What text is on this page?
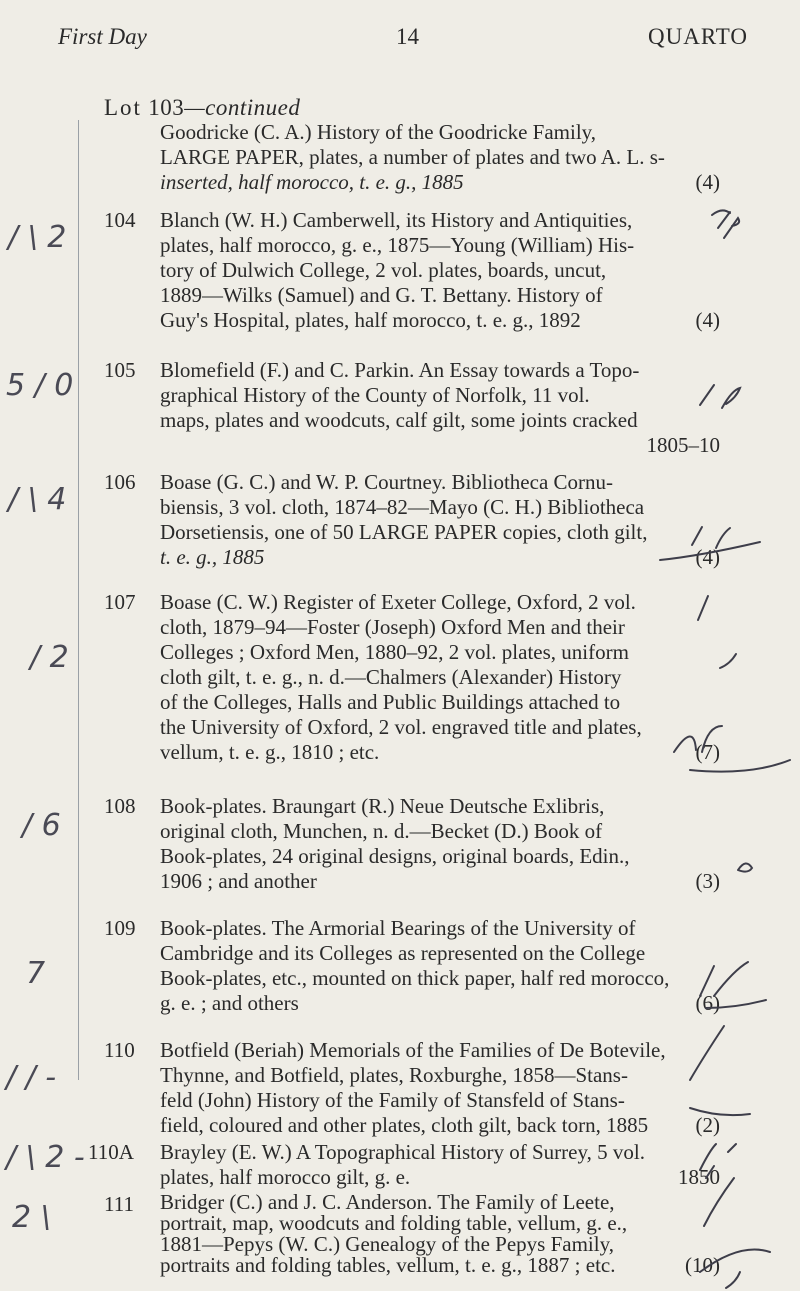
First Day	14	QUARTO
Lot 103—continued
Goodricke (C. A.) History of the Goodricke Family,
LARGE PAPER, plates, a number of plates and two A. L. s-
inserted, half morocco, t. e. g., 1885	(4)
104 Blanch (W. H.) Camberwell, its History and Antiquities,
plates, half morocco, g. e., 1875—Young (William) His-
tory of Dulwich College, 2 vol. plates, boards, uncut,
1889—Wilks (Samuel) and G. T. Bettany. History of
Guy's Hospital, plates, half morocco, t. e. g., 1892	(4)
105 Blomefield (F.) and C. Parkin. An Essay towards a Topo-
graphical History of the County of Norfolk, 11 vol.
maps, plates and woodcuts, calf gilt, some joints cracked
1805–10
106 Boase (G. C.) and W. P. Courtney. Bibliotheca Cornu-
biensis, 3 vol. cloth, 1874–82—Mayo (C. H.) Bibliotheca
Dorsetiensis, one of 50 LARGE PAPER copies, cloth gilt,
t. e. g., 1885	(4)
107 Boase (C. W.) Register of Exeter College, Oxford, 2 vol.
cloth, 1879–94—Foster (Joseph) Oxford Men and their
Colleges ; Oxford Men, 1880–92, 2 vol. plates, uniform
cloth gilt, t. e. g., n. d.—Chalmers (Alexander) History
of the Colleges, Halls and Public Buildings attached to
the University of Oxford, 2 vol. engraved title and plates,
vellum, t. e. g., 1810 ; etc.	(7)
108 Book-plates. Braungart (R.) Neue Deutsche Exlibris,
original cloth, Munchen, n. d.—Becket (D.) Book of
Book-plates, 24 original designs, original boards, Edin.,
1906 ; and another	(3)
109 Book-plates. The Armorial Bearings of the University of
Cambridge and its Colleges as represented on the College
Book-plates, etc., mounted on thick paper, half red morocco,
g. e. ; and others	(6)
110 Botfield (Beriah) Memorials of the Families of De Botevile,
Thynne, and Botfield, plates, Roxburghe, 1858—Stans-
feld (John) History of the Family of Stansfeld of Stans-
field, coloured and other plates, cloth gilt, back torn, 1885 (2)
110A Brayley (E. W.) A Topographical History of Surrey, 5 vol.
plates, half morocco gilt, g. e.	1850
111 Bridger (C.) and J. C. Anderson. The Family of Leete,
portrait, map, woodcuts and folding table, vellum, g. e.,
1881—Pepys (W. C.) Genealogy of the Pepys Family,
portraits and folding tables, vellum, t. e. g., 1887 ; etc.	(10)
/ \ 2
5 / 0
/ \ 4
/ 2
/ 6
7
/ / -
/ \ 2 -
2 \
